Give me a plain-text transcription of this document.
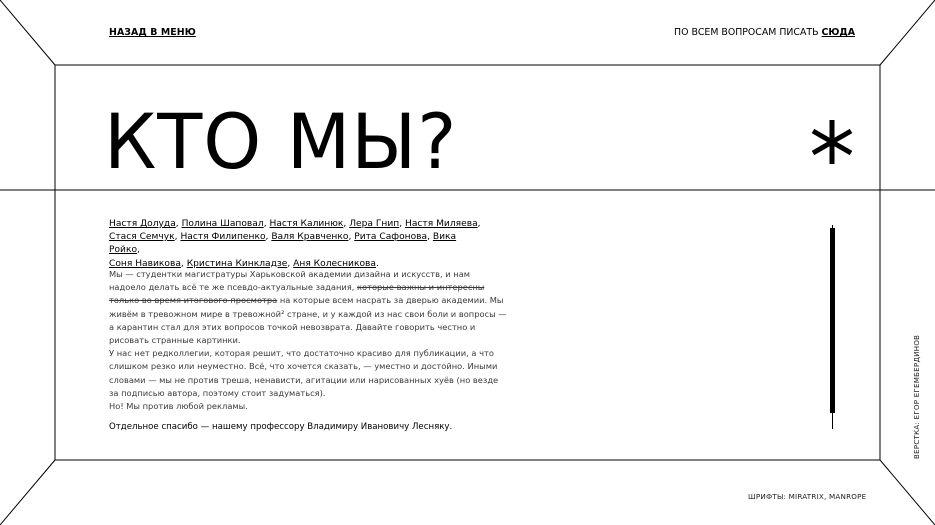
НАЗАД В МЕНЮ	ПО ВСЕМ ВОПРОСАМ ПИСАТЬ СЮДА
КТО МЫ?

Настя Долуда, Полина Шаповал, Настя Калинюк, Лера Гнип, Настя Миляева,
Стася Семчук, Настя Филипенко, Валя Кравченко, Рита Сафонова, Вика Ройко,
Соня Навикова, Кристина Кинкладзе, Аня Колесникова.

Мы — студентки магистратуры Харьковской академии дизайна и искусств, и нам надоело делать всё те же псевдо-актуальные задания, которые важны и интересны только во время итогового просмотра на которые всем насрать за дверью академии. Мы живём в тревожном мире в тревожной² стране, и у каждой из нас свои боли и вопросы — а карантин стал для этих вопросов точкой невозврата. Давайте говорить честно и рисовать странные картинки.

У нас нет редколлегии, которая решит, что достаточно красиво для публикации, а что слишком резко или неуместно. Всё, что хочется сказать, — уместно и достойно. Иными словами — мы не против треша, ненависти, агитации или нарисованных хуёв (но везде за подписью автора, поэтому стоит задуматься).

Но! Мы против любой рекламы.

Отдельное спасибо — нашему профессору Владимиру Ивановичу Лесняку.	ВЕРСТКА: ЕГОР ЕГЕМБЕРДИНОВ
ШРИФТЫ: MIRATRIX, MANROPE
